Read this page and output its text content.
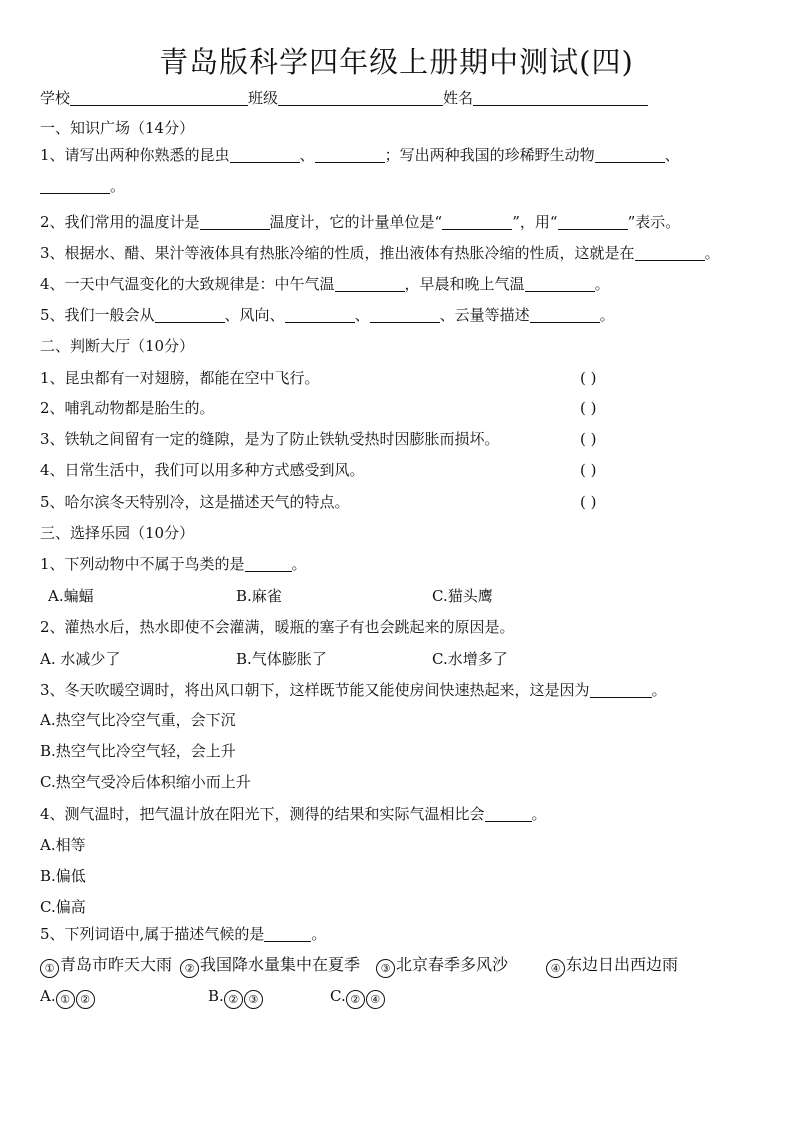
青岛版科学四年级上册期中测试(四)
学校	班级	姓名
一、知识广场（14分）
1、请写出两种你熟悉的昆虫	、	；写出两种我国的珍稀野生动物	、
。
2、我们常用的温度计是	温度计，它的计量单位是“	”，用“	”表示。
3、根据水、醋、果汁等液体具有热胀冷缩的性质，推出液体有热胀冷缩的性质，这就是在	。
4、一天中气温变化的大致规律是：中午气温	，早晨和晚上气温	。
5、我们一般会从	、风向、	、	、云量等描述	。
二、判断大厅（10分）
1、昆虫都有一对翅膀，都能在空中飞行。	( )
2、哺乳动物都是胎生的。	( )
3、铁轨之间留有一定的缝隙，是为了防止铁轨受热时因膨胀而损坏。	( )
4、日常生活中，我们可以用多种方式感受到风。	( )
5、哈尔滨冬天特别冷，这是描述天气的特点。	( )
三、选择乐园（10分）
1、下列动物中不属于鸟类的是	。
A.蝙蝠	B.麻雀	C.猫头鹰
2、灌热水后，热水即使不会灌满，暖瓶的塞子有也会跳起来的原因是。
A. 水减少了	B.气体膨胀了	C.水增多了
3、冬天吹暖空调时，将出风口朝下，这样既节能又能使房间快速热起来，这是因为	。
A.热空气比冷空气重，会下沉
B.热空气比冷空气轻，会上升
C.热空气受冷后体积缩小而上升
4、测气温时，把气温计放在阳光下，测得的结果和实际气温相比会	。
A.相等
B.偏低
C.偏高
5、下列词语中,属于描述气候的是	。
① 青岛市昨天大雨	② 我国降水量集中在夏季	③ 北京春季多风沙	④ 东边日出西边雨
A. ① ②	B. ② ③	C. ② ④
